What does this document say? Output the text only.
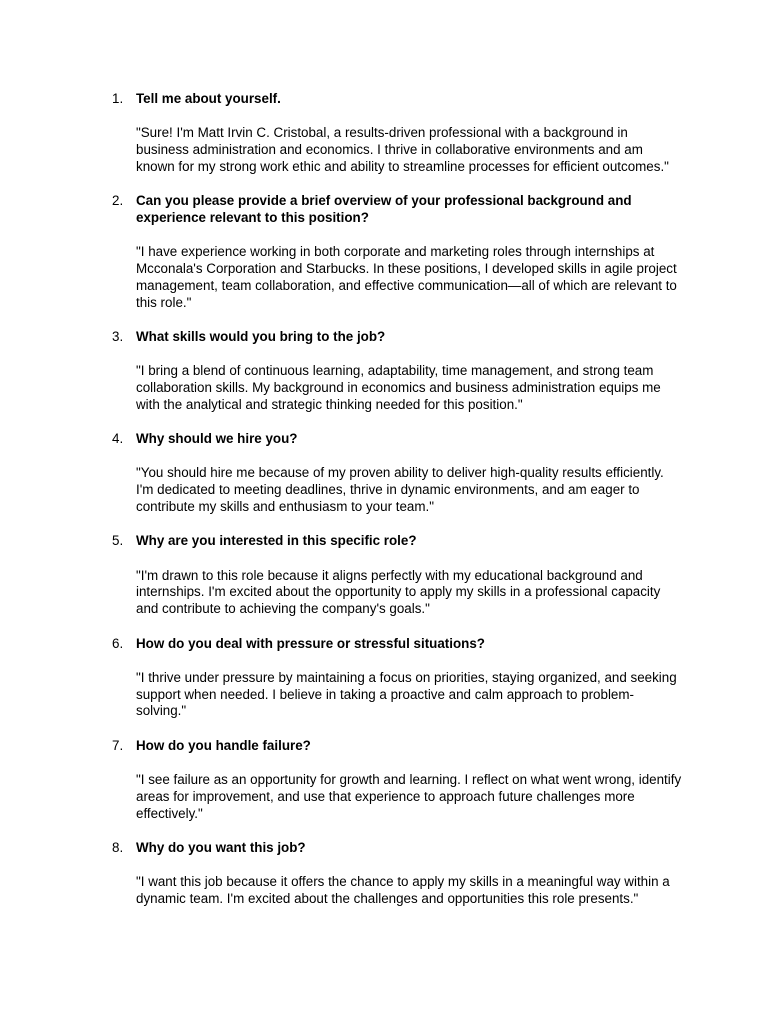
1. Tell me about yourself.

"Sure! I'm Matt Irvin C. Cristobal, a results-driven professional with a background in business administration and economics. I thrive in collaborative environments and am known for my strong work ethic and ability to streamline processes for efficient outcomes."

2. Can you please provide a brief overview of your professional background and experience relevant to this position?

"I have experience working in both corporate and marketing roles through internships at Mcconala's Corporation and Starbucks. In these positions, I developed skills in agile project management, team collaboration, and effective communication—all of which are relevant to this role."

3. What skills would you bring to the job?

"I bring a blend of continuous learning, adaptability, time management, and strong team collaboration skills. My background in economics and business administration equips me with the analytical and strategic thinking needed for this position."

4. Why should we hire you?

"You should hire me because of my proven ability to deliver high-quality results efficiently. I'm dedicated to meeting deadlines, thrive in dynamic environments, and am eager to contribute my skills and enthusiasm to your team."

5. Why are you interested in this specific role?

"I'm drawn to this role because it aligns perfectly with my educational background and internships. I'm excited about the opportunity to apply my skills in a professional capacity and contribute to achieving the company's goals."

6. How do you deal with pressure or stressful situations?

"I thrive under pressure by maintaining a focus on priorities, staying organized, and seeking support when needed. I believe in taking a proactive and calm approach to problem-solving."

7. How do you handle failure?

"I see failure as an opportunity for growth and learning. I reflect on what went wrong, identify areas for improvement, and use that experience to approach future challenges more effectively."

8. Why do you want this job?

"I want this job because it offers the chance to apply my skills in a meaningful way within a dynamic team. I'm excited about the challenges and opportunities this role presents."
